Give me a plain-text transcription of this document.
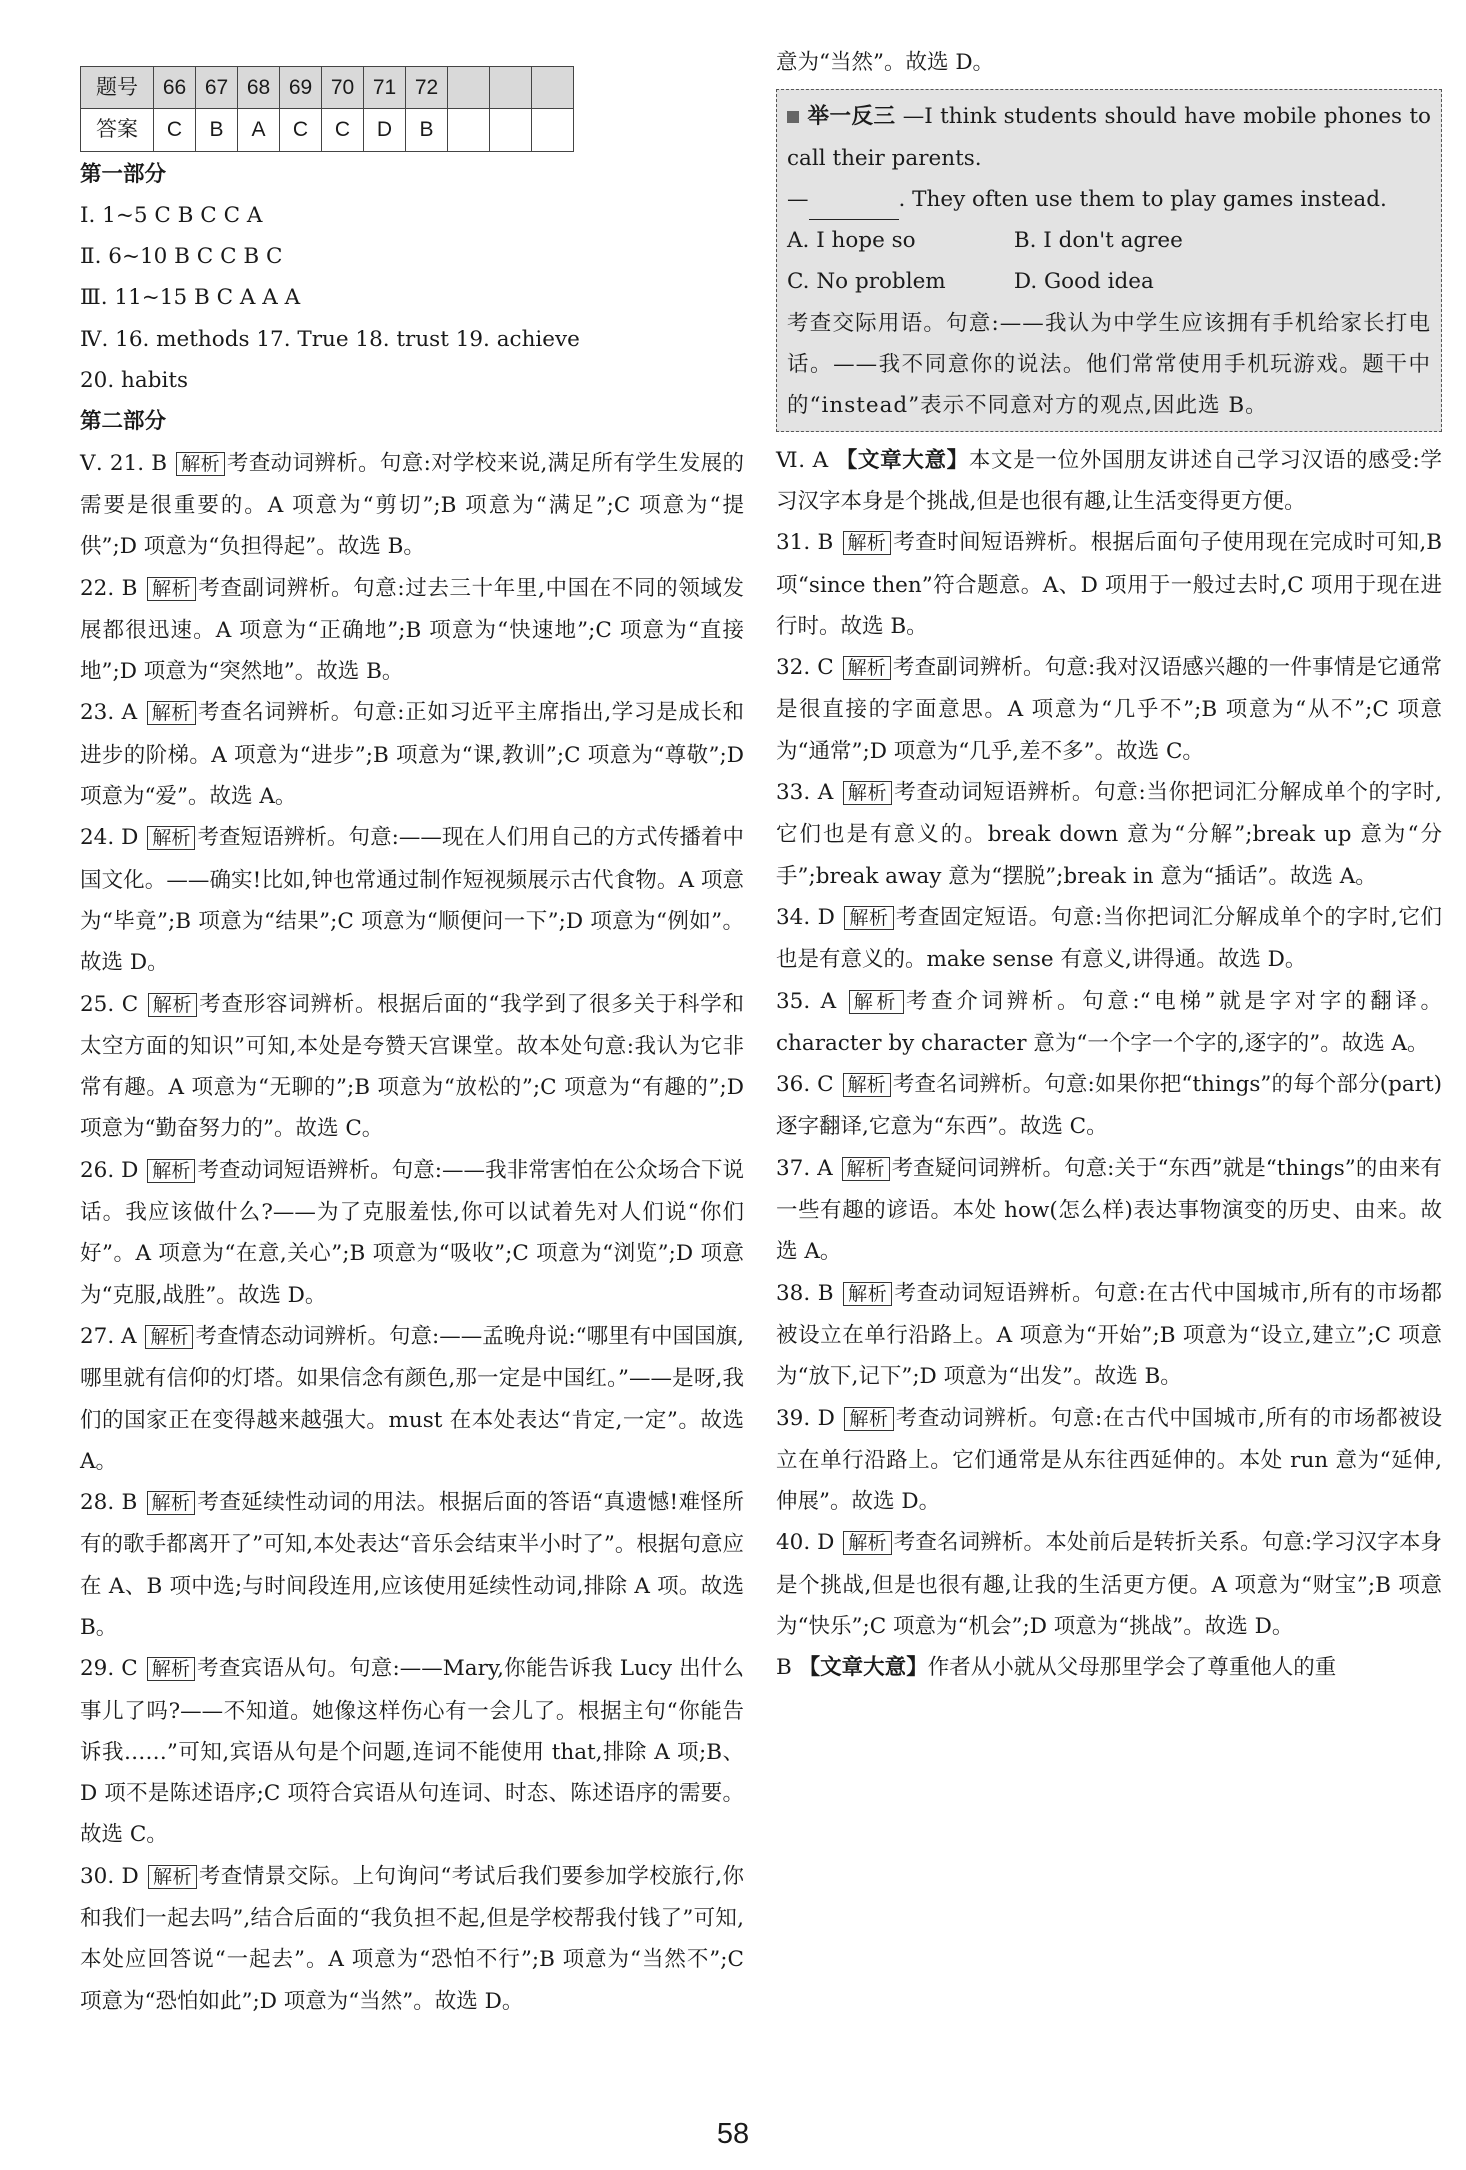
题号	66	67	68	69	70	71	72			
答案	C	B	A	C	C	D	B			
第一部分
Ⅰ. 1~5 C B C C A
Ⅱ. 6~10 B C C B C
Ⅲ. 11~15 B C A A A
Ⅳ. 16. methods 17. True 18. trust 19. achieve
20. habits
第二部分
Ⅴ. 21. B 解析 考查动词辨析。句意:对学校来说,满足所有学生发展的需要是很重要的。A 项意为“剪切”;B 项意为“满足”;C 项意为“提供”;D 项意为“负担得起”。故选 B。
22. B 解析 考查副词辨析。句意:过去三十年里,中国在不同的领域发展都很迅速。A 项意为“正确地”;B 项意为“快速地”;C 项意为“直接地”;D 项意为“突然地”。故选 B。
23. A 解析 考查名词辨析。句意:正如习近平主席指出,学习是成长和进步的阶梯。A 项意为“进步”;B 项意为“课,教训”;C 项意为“尊敬”;D 项意为“爱”。故选 A。
24. D 解析 考查短语辨析。句意:——现在人们用自己的方式传播着中国文化。——确实!比如,钟也常通过制作短视频展示古代食物。A 项意为“毕竟”;B 项意为“结果”;C 项意为“顺便问一下”;D 项意为“例如”。故选 D。
25. C 解析 考查形容词辨析。根据后面的“我学到了很多关于科学和太空方面的知识”可知,本处是夸赞天宫课堂。故本处句意:我认为它非常有趣。A 项意为“无聊的”;B 项意为“放松的”;C 项意为“有趣的”;D 项意为“勤奋努力的”。故选 C。
26. D 解析 考查动词短语辨析。句意:——我非常害怕在公众场合下说话。我应该做什么?——为了克服羞怯,你可以试着先对人们说“你们好”。A 项意为“在意,关心”;B 项意为“吸收”;C 项意为“浏览”;D 项意为“克服,战胜”。故选 D。
27. A 解析 考查情态动词辨析。句意:——孟晚舟说:“哪里有中国国旗,哪里就有信仰的灯塔。如果信念有颜色,那一定是中国红。”——是呀,我们的国家正在变得越来越强大。must 在本处表达“肯定,一定”。故选 A。
28. B 解析 考查延续性动词的用法。根据后面的答语“真遗憾!难怪所有的歌手都离开了”可知,本处表达“音乐会结束半小时了”。根据句意应在 A、B 项中选;与时间段连用,应该使用延续性动词,排除 A 项。故选 B。
29. C 解析 考查宾语从句。句意:——Mary,你能告诉我 Lucy 出什么事儿了吗?——不知道。她像这样伤心有一会儿了。根据主句“你能告诉我……”可知,宾语从句是个问题,连词不能使用 that,排除 A 项;B、D 项不是陈述语序;C 项符合宾语从句连词、时态、陈述语序的需要。故选 C。
30. D 解析 考查情景交际。上句询问“考试后我们要参加学校旅行,你和我们一起去吗”,结合后面的“我负担不起,但是学校帮我付钱了”可知,本处应回答说“一起去”。A 项意为“恐怕不行”;B 项意为“当然不”;C 项意为“恐怕如此”;D 项意为“当然”。故选 D。
意为“当然”。故选 D。
举一反三 —I think students should have mobile phones to call their parents.
—	. They often use them to play games instead.
A. I hope so	B. I don't agree
C. No problem	D. Good idea
考查交际用语。句意:——我认为中学生应该拥有手机给家长打电话。——我不同意你的说法。他们常常使用手机玩游戏。题干中的“instead”表示不同意对方的观点,因此选 B。
Ⅵ. A 【文章大意】本文是一位外国朋友讲述自己学习汉语的感受:学习汉字本身是个挑战,但是也很有趣,让生活变得更方便。
31. B 解析 考查时间短语辨析。根据后面句子使用现在完成时可知,B 项“since then”符合题意。A、D 项用于一般过去时,C 项用于现在进行时。故选 B。
32. C 解析 考查副词辨析。句意:我对汉语感兴趣的一件事情是它通常是很直接的字面意思。A 项意为“几乎不”;B 项意为“从不”;C 项意为“通常”;D 项意为“几乎,差不多”。故选 C。
33. A 解析 考查动词短语辨析。句意:当你把词汇分解成单个的字时,它们也是有意义的。break down 意为“分解”;break up 意为“分手”;break away 意为“摆脱”;break in 意为“插话”。故选 A。
34. D 解析 考查固定短语。句意:当你把词汇分解成单个的字时,它们也是有意义的。make sense 有意义,讲得通。故选 D。
35. A 解析 考查介词辨析。句意:“电梯”就是字对字的翻译。character by character 意为“一个字一个字的,逐字的”。故选 A。
36. C 解析 考查名词辨析。句意:如果你把“things”的每个部分(part)逐字翻译,它意为“东西”。故选 C。
37. A 解析 考查疑问词辨析。句意:关于“东西”就是“things”的由来有一些有趣的谚语。本处 how(怎么样)表达事物演变的历史、由来。故选 A。
38. B 解析 考查动词短语辨析。句意:在古代中国城市,所有的市场都被设立在单行沿路上。A 项意为“开始”;B 项意为“设立,建立”;C 项意为“放下,记下”;D 项意为“出发”。故选 B。
39. D 解析 考查动词辨析。句意:在古代中国城市,所有的市场都被设立在单行沿路上。它们通常是从东往西延伸的。本处 run 意为“延伸,伸展”。故选 D。
40. D 解析 考查名词辨析。本处前后是转折关系。句意:学习汉字本身是个挑战,但是也很有趣,让我的生活更方便。A 项意为“财宝”;B 项意为“快乐”;C 项意为“机会”;D 项意为“挑战”。故选 D。
B 【文章大意】作者从小就从父母那里学会了尊重他人的重
58
